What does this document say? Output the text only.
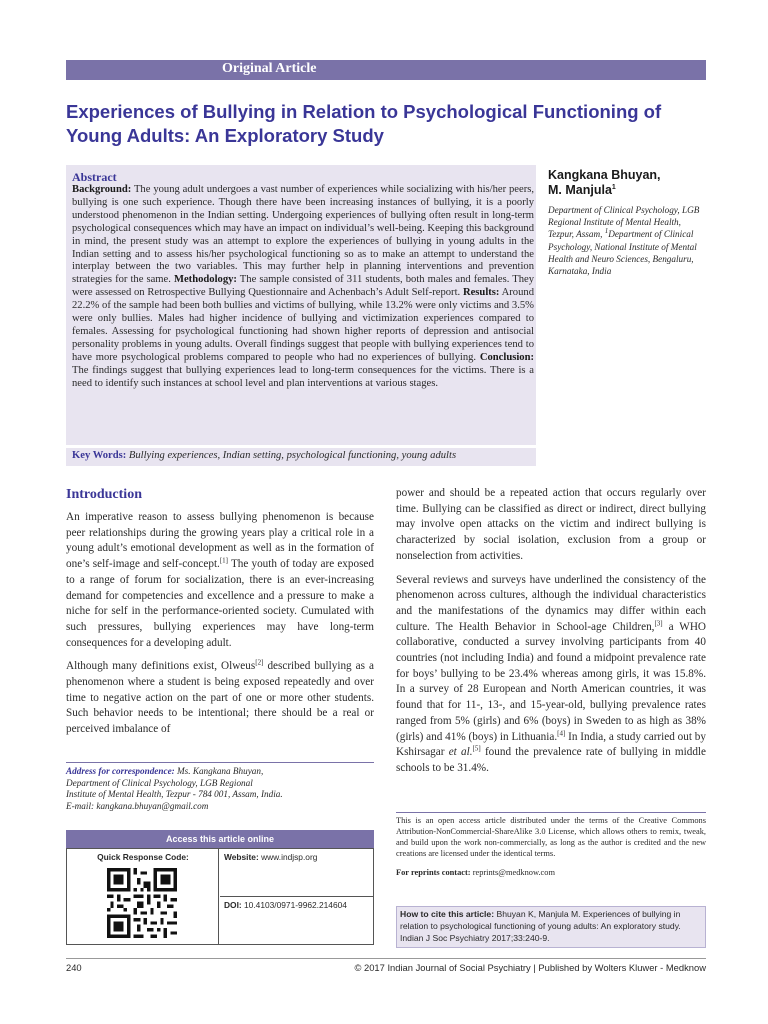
Original Article
Experiences of Bullying in Relation to Psychological Functioning of Young Adults: An Exploratory Study
Abstract
Background: The young adult undergoes a vast number of experiences while socializing with his/her peers, bullying is one such experience. Though there have been increasing instances of bullying, it is a poorly understood phenomenon in the Indian setting. Undergoing experiences of bullying often result in long-term psychological consequences which may have an impact on individual’s well-being. Keeping this background in mind, the present study was an attempt to explore the experiences of bullying in young adults in the Indian setting and to assess his/her psychological functioning so as to make an attempt to understand the interplay between the two variables. This may further help in planning interventions and prevention strategies for the same. Methodology: The sample consisted of 311 students, both males and females. They were assessed on Retrospective Bullying Questionnaire and Achenbach’s Adult Self-report. Results: Around 22.2% of the sample had been both bullies and victims of bullying, while 13.2% were only victims and 3.5% were only bullies. Males had higher incidence of bullying and victimization experiences compared to females. Assessing for psychological functioning had shown higher reports of depression and antisocial personality problems in young adults. Overall findings suggest that people with bullying experiences tend to have more psychological problems compared to people who had no experiences of bullying. Conclusion: The findings suggest that bullying experiences lead to long-term consequences for the victims. There is a need to identify such instances at school level and plan interventions at various stages.
Key Words: Bullying experiences, Indian setting, psychological functioning, young adults
Kangkana Bhuyan,
M. Manjula$^1$
Department of Clinical Psychology, LGB Regional Institute of Mental Health, Tezpur, Assam, $^1$Department of Clinical Psychology, National Institute of Mental Health and Neuro Sciences, Bengaluru, Karnataka, India
Introduction

An imperative reason to assess bullying phenomenon is because peer relationships during the growing years play a critical role in a young adult’s emotional development as well as in the formation of one’s self-image and self-concept.[1] The youth of today are exposed to a range of forum for socialization, there is an ever-increasing demand for competencies and excellence and a pressure to make a niche for self in the performance-oriented society. Cumulated with such pressures, bullying experiences may have long-term consequences for a developing adult.

Although many definitions exist, Olweus[2] described bullying as a phenomenon where a student is being exposed repeatedly and over time to negative action on the part of one or more other students. Such behavior needs to be intentional; there should be a real or perceived imbalance of

power and should be a repeated action that occurs regularly over time. Bullying can be classified as direct or indirect, direct bullying may involve open attacks on the victim and indirect bullying is characterized by social isolation, exclusion from a group or nonselection from activities.

Several reviews and surveys have underlined the consistency of the phenomenon across cultures, although the individual characteristics and the manifestations of the dynamics may differ within each culture. The Health Behavior in School-age Children,[3] a WHO collaborative, conducted a survey involving participants from 40 countries (not including India) and found a midpoint prevalence rate for boys’ bullying to be 23.4% whereas among girls, it was 15.8%. In a survey of 28 European and North American countries, it was found that for 11-, 13-, and 15-year-old, bullying prevalence rates ranged from 5% (girls) and 6% (boys) in Sweden to as high as 38% (girls) and 41% (boys) in Lithuania.[4] In India, a study carried out by Kshirsagar et al.[5] found the prevalence rate of bullying in middle schools to be 31.4%.

Address for correspondence: Ms. Kangkana Bhuyan,
Department of Clinical Psychology, LGB Regional
Institute of Mental Health, Tezpur - 784 001, Assam, India.
E-mail: kangkana.bhuyan@gmail.com
Access this article online
Quick Response Code:	Website: www.indjsp.org
DOI: 10.4103/0971-9962.214604
This is an open access article distributed under the terms of the Creative Commons Attribution-NonCommercial-ShareAlike 3.0 License, which allows others to remix, tweak, and build upon the work non-commercially, as long as the author is credited and the new creations are licensed under the identical terms.
For reprints contact: reprints@medknow.com
How to cite this article: Bhuyan K, Manjula M. Experiences of bullying in relation to psychological functioning of young adults: An exploratory study. Indian J Soc Psychiatry 2017;33:240-9.
240	© 2017 Indian Journal of Social Psychiatry | Published by Wolters Kluwer - Medknow
